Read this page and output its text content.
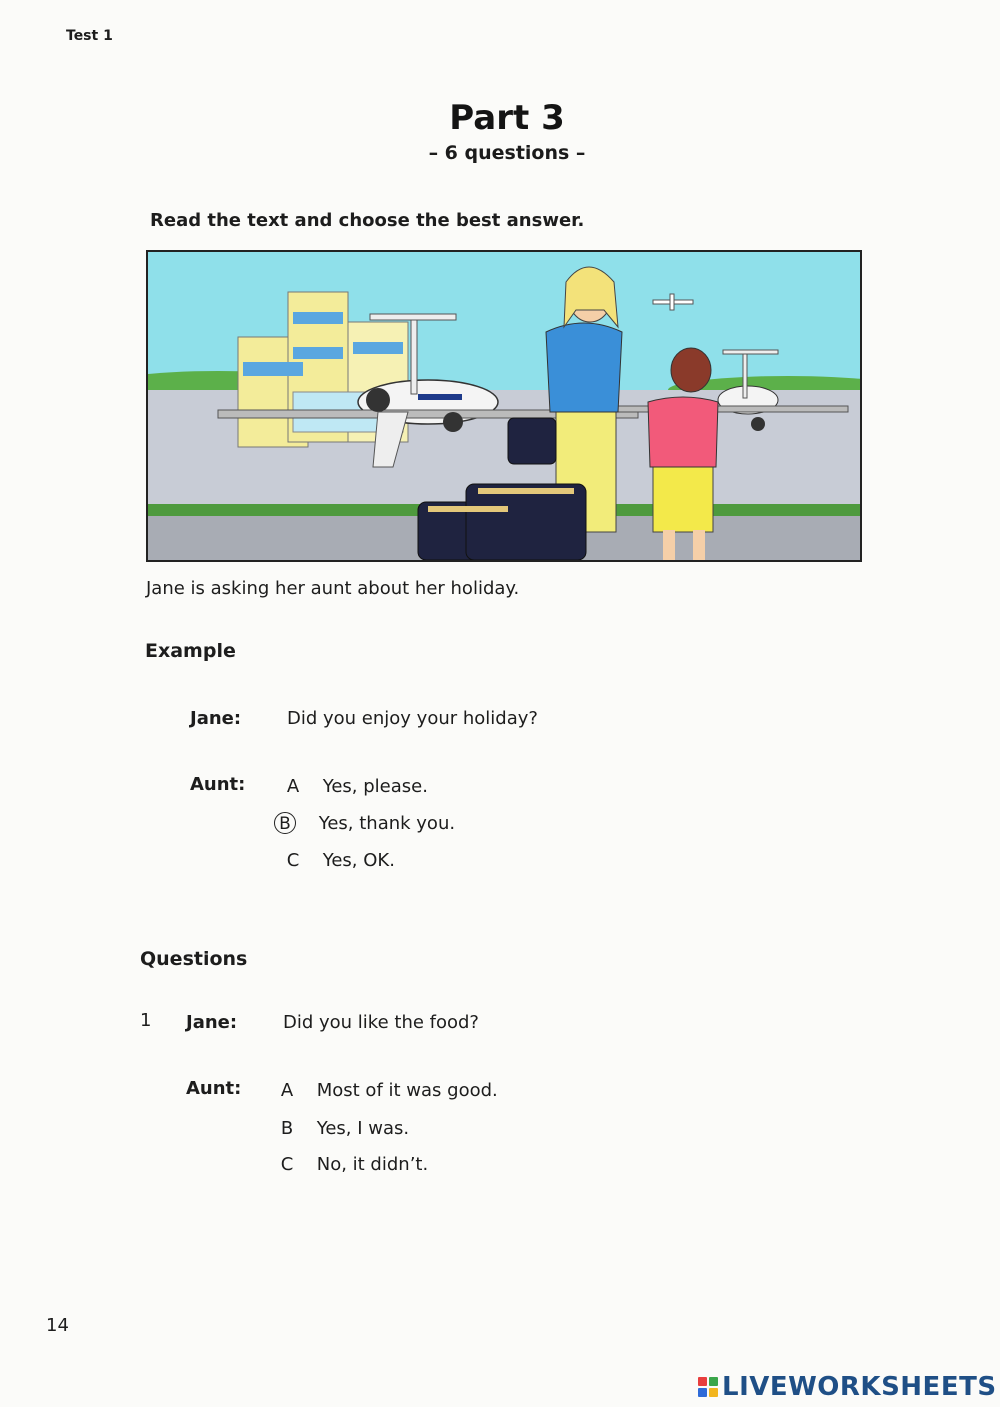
Test 1
Part 3
– 6 questions –
Read the text and choose the best answer.
Jane is asking her aunt about her holiday.
Example
Jane:	Did you enjoy your holiday?
Aunt: A Yes, please.
B Yes, thank you.
C Yes, OK.
Questions
1 Jane:	Did you like the food?
Aunt: A Most of it was good.
B Yes, I was.
C No, it didn’t.
14
LIVEWORKSHEETS
